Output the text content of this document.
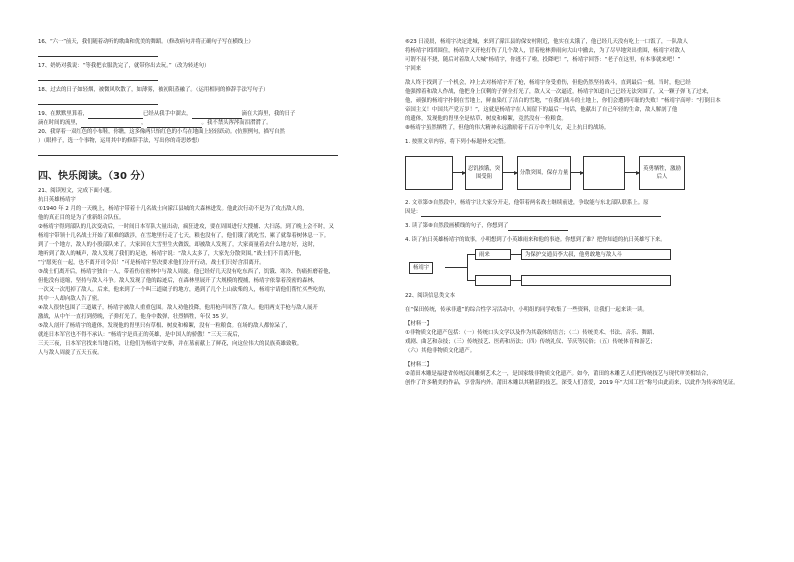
16、“六一”前天，我们随着动听的歌曲和优美的舞蹈。（修改病句并将正确句子写在横线上）
17、奶奶对我说：“等我把衣服洗完了，就带你出去玩。”（改为转述句）
18、过去的日子如轻烟，被微风吹散了，如薄雾，被初阳蒸融了。（运用相同的修辞手法写句子）
19、在默默里算着，	已经从我手中溜去，	滴在大海里，我的日子
滴在时间的流里，	，	。我不禁头涔涔而泪潸潸了。
20、我穿着一双红色的小布鞋，你瞧，这多像两只怡红色的小鸟在地面上轻轻跃动。(仿照例句，描写自然
）（眼样子，选一个事物，运用其中的修辞手法，写出你的奇思妙想）
四、快乐阅读。（30 分）
21、阅读短文，完成下面小题。
抗日英雄杨靖宇
①1940 年 2 月的一天晚上，杨靖宇带着十几名战士向濛江县城的大森林进发。他此次行动不是为了攻击敌人的，
他的真正目的是为了重新组合队伍。
②杨靖宇得到部队的几次变动后，一时间日本军队大量出动，疯狂进攻，要在周围进行大搜捕、大扫荡。到了晚上会不时，又
杨靖宇带领十几名战士开始了艰难的跋涉，在雪地里行走了七天，粮也没有了，他们饿了就吃雪，累了就靠着树休息一下。
到了一个地方，敌人的小股部队来了。大家因在大雪里生火做饭，却被敌人发现了，大家商量着去什么地方好，这时，
地听到了敌人的喊声，敌人发现了我们的足迹，杨靖宇说：“敌人太多了，大家先分散突围。”战士们不肯离开他，
“宁愿死在一起，也不离开司令员！”可是杨靖宇坚决要求他们分开行动，战士们只好含泪离开。
③战士们离开后，杨靖宇独自一人，带着伤在密林中与敌人周旋。他已经好几天没有吃东西了，饥饿、寒冷、伤痛折磨着他，
但他没有退缩，坚持与敌人斗争。敌人发现了他的踪迹后，在森林里展开了大规模的搜捕，杨靖宇依靠着茂密的森林，
一次又一次甩掉了敌人。后来，他来到了一个叫三道崴子的地方，遇到了几个上山砍柴的人，杨靖宇请他们帮忙买些吃的，
其中一人却向敌人告了密。
④敌人很快包围了三道崴子，杨靖宇被敌人重重包围。敌人劝他投降，他用枪声回答了敌人。他用两支手枪与敌人展开
激战，从中午一直打到傍晚，子弹打光了，他身中数弹，壮烈牺牲，年仅 35 岁。
⑤敌人剖开了杨靖宇的遗体，发现他的胃里只有草根、树皮和棉絮，没有一粒粮食。在场的敌人都惊呆了，
就连日本军官也不得不承认：“杨靖宇是真正的英雄，是中国人的骄傲！”三天三夜后，
三天三夜，日本军官找来当地百姓，让他们为杨靖宇安葬，并在墓前献上了鲜花，向这位伟大的民族英雄致敬。
人与敌人周旋了五天五夜。
⑥23 日凌晨，杨靖宇决定进城，来到了濛江县的保安村附近，他实在太饿了，他已经几天没有吃上一口饭了，一队敌人
将杨靖宇团团围住，杨靖宇又开枪打伤了几个敌人，冒着枪林弹雨向大山中撤去，为了尽早地突出重围，杨靖宇对敌人
可谓不屈不挠，随后对着敌人大喊“杨靖宇，你逃不了啦，投降吧！”，杨靖宇回答：“老子在这里，有本事就来吧！”
宇回来
敌人终于找到了一个机会，冲上去对杨靖宇开了枪，杨靖宇身受重伤，但他仍然坚持战斗，直到最后一刻。当时，他已经
他强撑着和敌人作战，他把身上仅剩的子弹全打光了，敌人又一次逼近，杨靖宇知道自己已经无法突围了，又一颗子弹飞了过来，
他，顽强的杨靖宇扑倒在雪地上，鲜血染红了洁白的雪地，“在我们战斗的土地上，你们会遭到可耻的失败！”杨靖宇高呼：“打倒日本
帝国主义！中国共产党万岁！”，这就是杨靖宇在人间留下的最后一句话，他献出了自己年轻的生命，敌人解剖了他
的遗体，发现他的胃里全是枯草、树皮和棉絮，竟然没有一粒粮食。
⑧杨靖宇虽然牺牲了，但他的伟大精神永远激励着千百万中华儿女，走上抗日的战场。
1. 按照文章内容，将下列小标题补充完整。
忍饥挨饿，突围受阻
分散突围，保存力量
英勇牺牲，激励后人
2. 文章第③自然段中，杨靖宇让大家分开走，他带着两名战士继续前进，争取能与东北部队联系上。原
因是：
3. 读了第⑧自然段画横线的句子，你想到了
4. 读了抗日英雄杨靖宇的故事，小明想到了小英雄雨来和他的事迹。你想到了谁？把你知道的抗日英雄写下来。
杨靖宇
雨来	为保护交通员李大叔，他勇敢地与敌人斗
22、阅读信息类文本
在“保田传统，传承非遗”的综合性学习活动中，小明组的同学收集了一些资料，让我们一起来读一读。
【材料一】
①非物质文化遗产包括：（一）传统口头文学以及作为其载体的语言；（二）传统美术、书法、音乐、舞蹈、
戏剧、曲艺和杂技；（三）传统技艺、医药和历法；（四）传统礼仪、节庆等民俗；（五）传统体育和游艺；
（六）其他非物质文化遗产。
【材料二】
②莆田木雕是福建省传统民间雕刻艺术之一，是国家级非物质文化遗产。如今，莆田的木雕艺人们把传统技艺与现代审美相结合，
创作了许多精美的作品，享誉海内外。莆田木雕以其精湛的技艺，深受人们喜爱，2019 年“大国工匠”称号由此而来，以此作为传承的见证。
